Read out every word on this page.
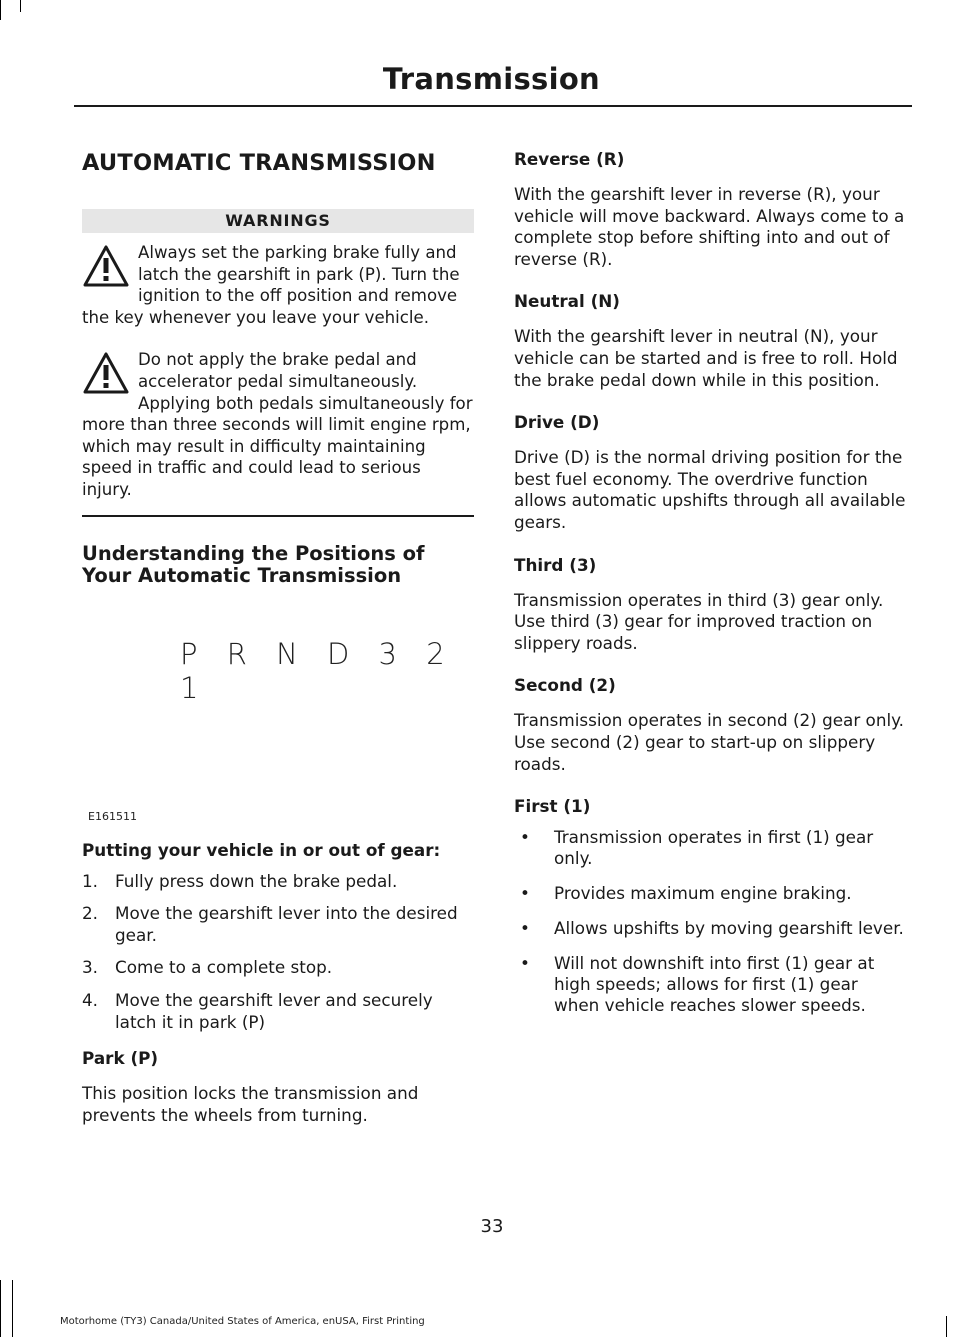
Transmission
AUTOMATIC TRANSMISSION
WARNINGS
Always set the parking brake fully and latch the gearshift in park (P). Turn the ignition to the off position and remove the key whenever you leave your vehicle.
Do not apply the brake pedal and accelerator pedal simultaneously. Applying both pedals simultaneously for more than three seconds will limit engine rpm, which may result in difficulty maintaining speed in traffic and could lead to serious injury.
Understanding the Positions of Your Automatic Transmission
P R N D 3 2 1
E161511
Putting your vehicle in or out of gear:
1.	Fully press down the brake pedal.
2.	Move the gearshift lever into the desired gear.
3.	Come to a complete stop.
4.	Move the gearshift lever and securely latch it in park (P)
Park (P)
This position locks the transmission and prevents the wheels from turning.
Reverse (R)
With the gearshift lever in reverse (R), your vehicle will move backward. Always come to a complete stop before shifting into and out of reverse (R).
Neutral (N)
With the gearshift lever in neutral (N), your vehicle can be started and is free to roll. Hold the brake pedal down while in this position.
Drive (D)
Drive (D) is the normal driving position for the best fuel economy. The overdrive function allows automatic upshifts through all available gears.
Third (3)
Transmission operates in third (3) gear only. Use third (3) gear for improved traction on slippery roads.
Second (2)
Transmission operates in second (2) gear only. Use second (2) gear to start-up on slippery roads.
First (1)
•	Transmission operates in first (1) gear only.
•	Provides maximum engine braking.
•	Allows upshifts by moving gearshift lever.
•	Will not downshift into first (1) gear at high speeds; allows for first (1) gear when vehicle reaches slower speeds.
33
Motorhome (TY3) Canada/United States of America, enUSA, First Printing
